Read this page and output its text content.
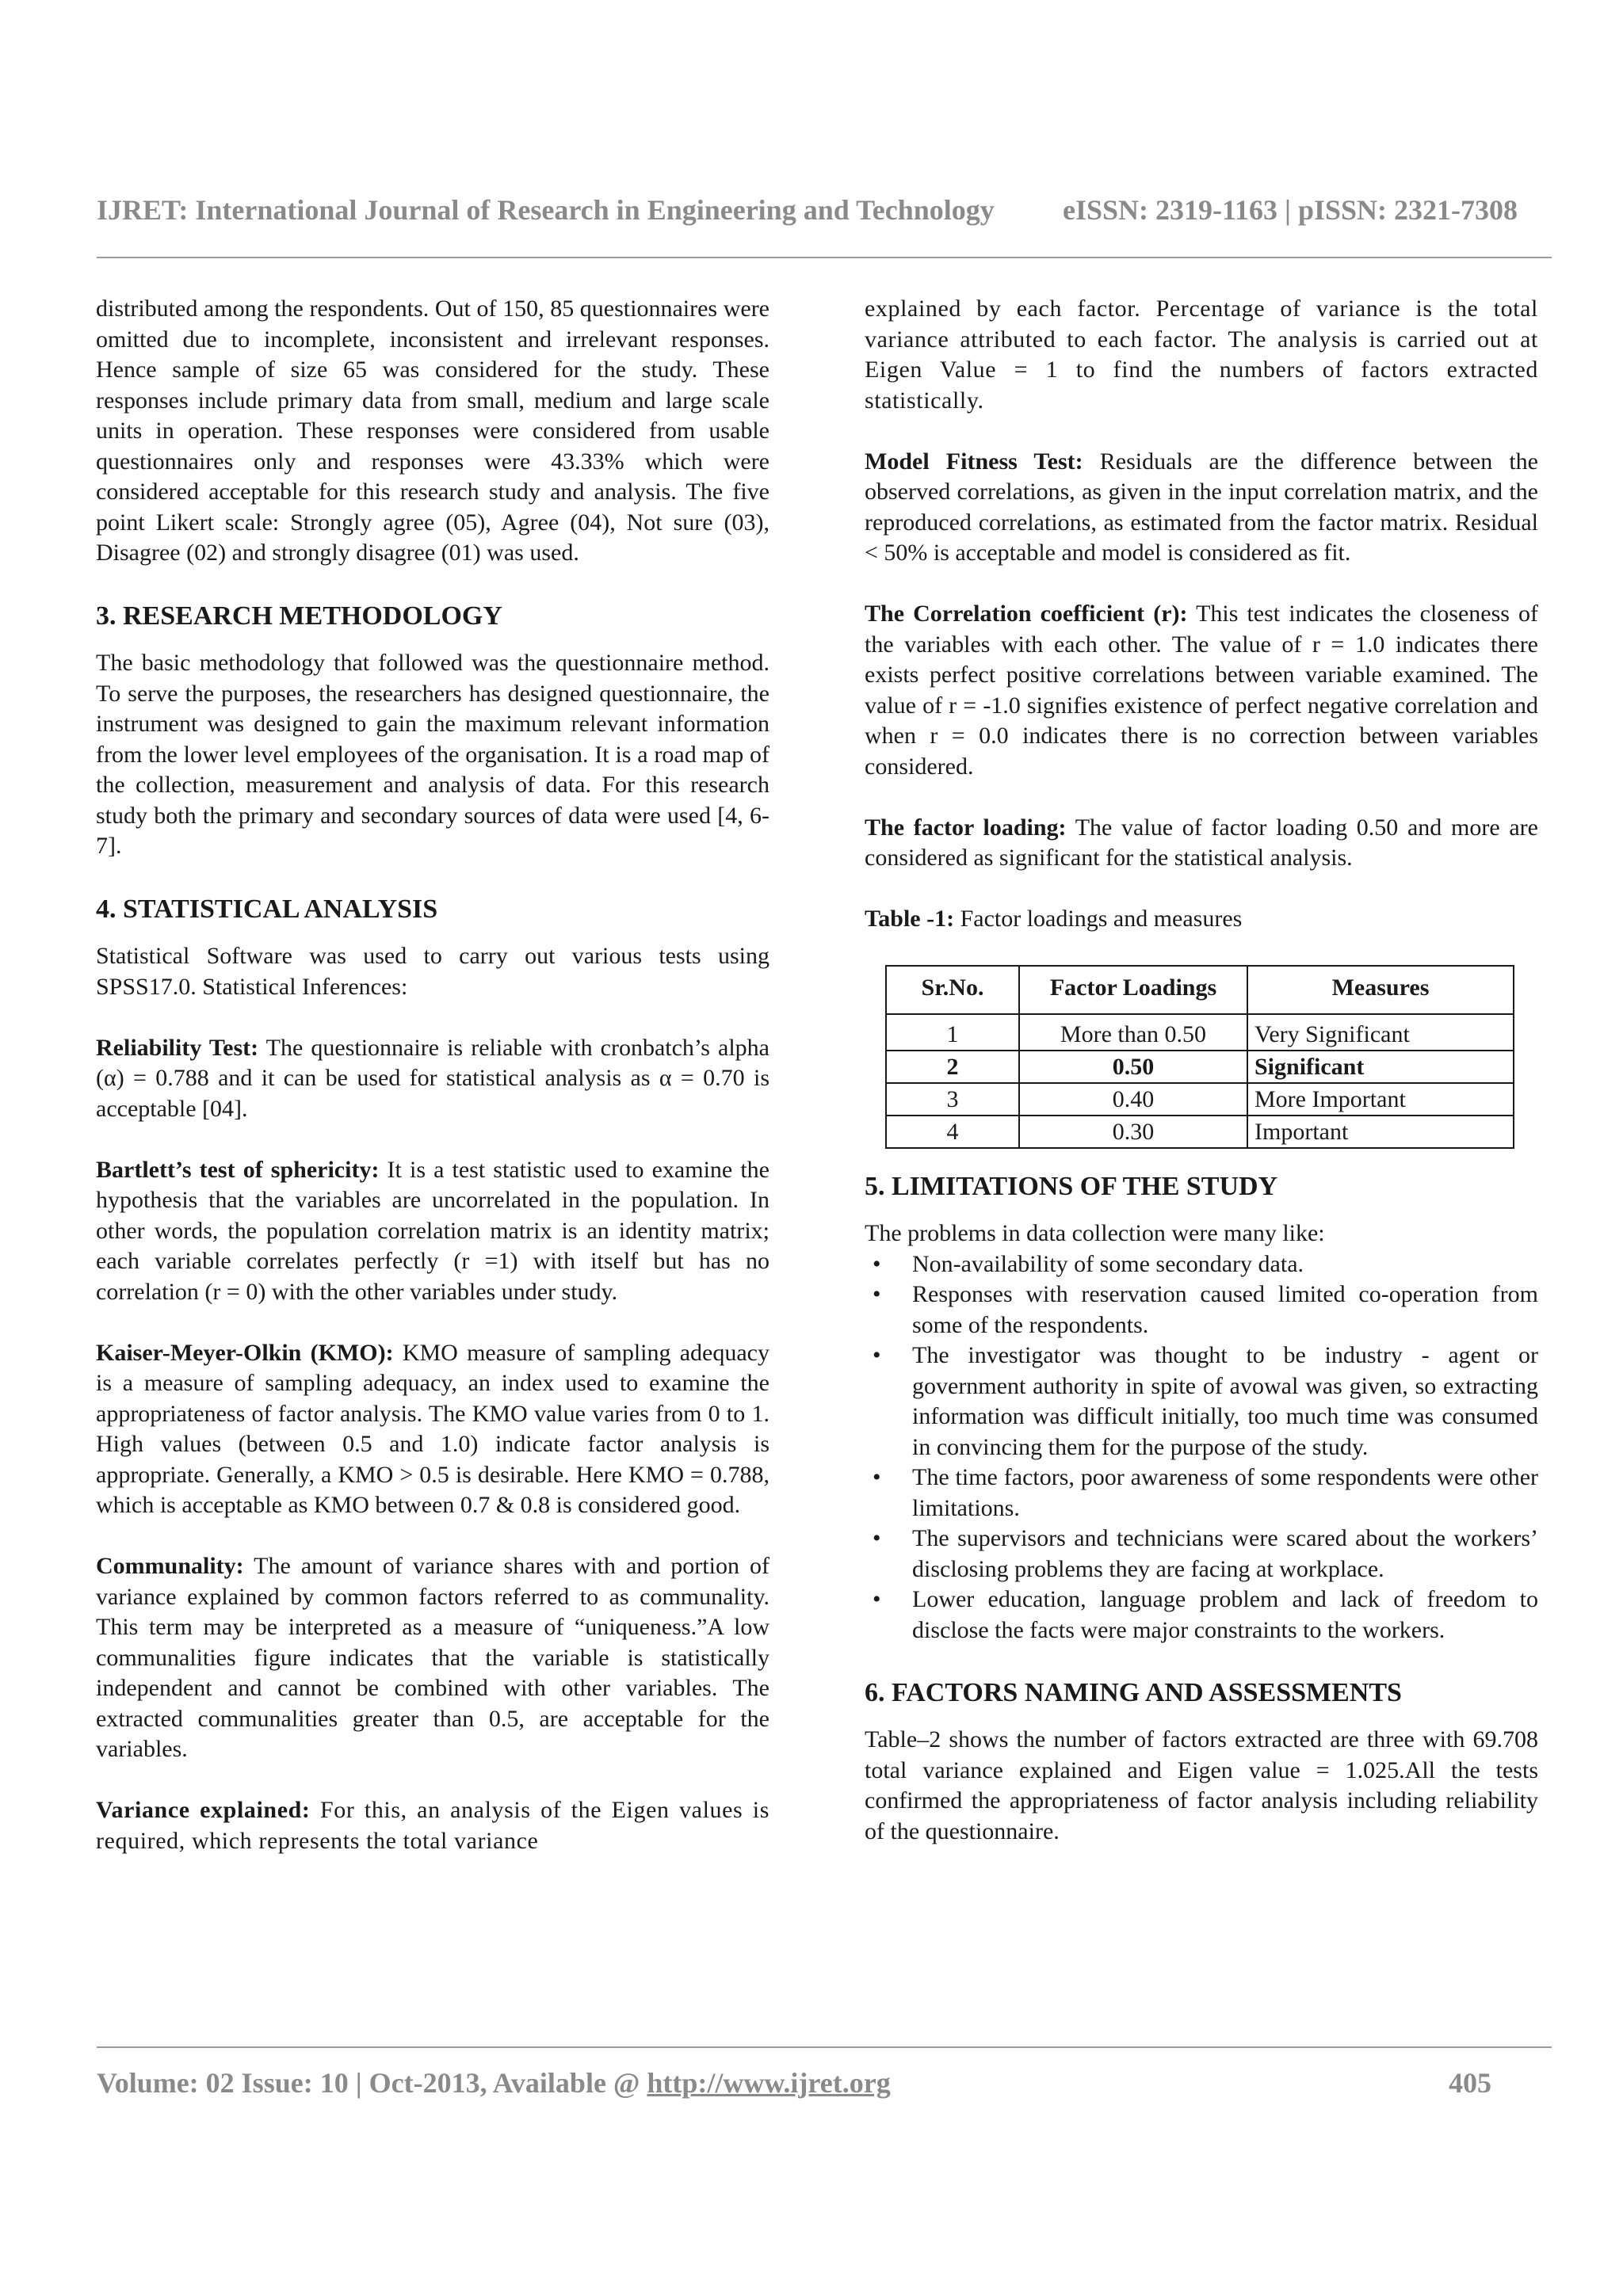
IJRET: International Journal of Research in Engineering and Technology eISSN: 2319-1163 | pISSN: 2321-7308

distributed among the respondents. Out of 150, 85 questionnaires were omitted due to incomplete, inconsistent and irrelevant responses. Hence sample of size 65 was considered for the study. These responses include primary data from small, medium and large scale units in operation. These responses were considered from usable questionnaires only and responses were 43.33% which were considered acceptable for this research study and analysis. The five point Likert scale: Strongly agree (05), Agree (04), Not sure (03), Disagree (02) and strongly disagree (01) was used.

3. RESEARCH METHODOLOGY

The basic methodology that followed was the questionnaire method. To serve the purposes, the researchers has designed questionnaire, the instrument was designed to gain the maximum relevant information from the lower level employees of the organisation. It is a road map of the collection, measurement and analysis of data. For this research study both the primary and secondary sources of data were used [4, 6-7].

4. STATISTICAL ANALYSIS

Statistical Software was used to carry out various tests using SPSS17.0. Statistical Inferences:

Reliability Test: The questionnaire is reliable with cronbatch’s alpha (α) = 0.788 and it can be used for statistical analysis as α = 0.70 is acceptable [04].

Bartlett’s test of sphericity: It is a test statistic used to examine the hypothesis that the variables are uncorrelated in the population. In other words, the population correlation matrix is an identity matrix; each variable correlates perfectly (r =1) with itself but has no correlation (r = 0) with the other variables under study.

Kaiser-Meyer-Olkin (KMO): KMO measure of sampling adequacy is a measure of sampling adequacy, an index used to examine the appropriateness of factor analysis. The KMO value varies from 0 to 1. High values (between 0.5 and 1.0) indicate factor analysis is appropriate. Generally, a KMO > 0.5 is desirable. Here KMO = 0.788, which is acceptable as KMO between 0.7 & 0.8 is considered good.

Communality: The amount of variance shares with and portion of variance explained by common factors referred to as communality. This term may be interpreted as a measure of “uniqueness.”A low communalities figure indicates that the variable is statistically independent and cannot be combined with other variables. The extracted communalities greater than 0.5, are acceptable for the variables.

Variance explained: For this, an analysis of the Eigen values is required, which represents the total variance

explained by each factor. Percentage of variance is the total variance attributed to each factor. The analysis is carried out at Eigen Value = 1 to find the numbers of factors extracted statistically.

Model Fitness Test: Residuals are the difference between the observed correlations, as given in the input correlation matrix, and the reproduced correlations, as estimated from the factor matrix. Residual < 50% is acceptable and model is considered as fit.

The Correlation coefficient (r): This test indicates the closeness of the variables with each other. The value of r = 1.0 indicates there exists perfect positive correlations between variable examined. The value of r = -1.0 signifies existence of perfect negative correlation and when r = 0.0 indicates there is no correction between variables considered.

The factor loading: The value of factor loading 0.50 and more are considered as significant for the statistical analysis.

Table -1: Factor loadings and measures

Sr.No.	Factor Loadings	Measures
1	More than 0.50	Very Significant
2	0.50	Significant
3	0.40	More Important
4	0.30	Important
5. LIMITATIONS OF THE STUDY

The problems in data collection were many like:

• Non-availability of some secondary data.
• Responses with reservation caused limited co-operation from some of the respondents.
• The investigator was thought to be industry - agent or government authority in spite of avowal was given, so extracting information was difficult initially, too much time was consumed in convincing them for the purpose of the study.
• The time factors, poor awareness of some respondents were other limitations.
• The supervisors and technicians were scared about the workers’ disclosing problems they are facing at workplace.
• Lower education, language problem and lack of freedom to disclose the facts were major constraints to the workers.
6. FACTORS NAMING AND ASSESSMENTS

Table–2 shows the number of factors extracted are three with 69.708 total variance explained and Eigen value = 1.025.All the tests confirmed the appropriateness of factor analysis including reliability of the questionnaire.

Volume: 02 Issue: 10 | Oct-2013, Available @ http://www.ijret.org	405
